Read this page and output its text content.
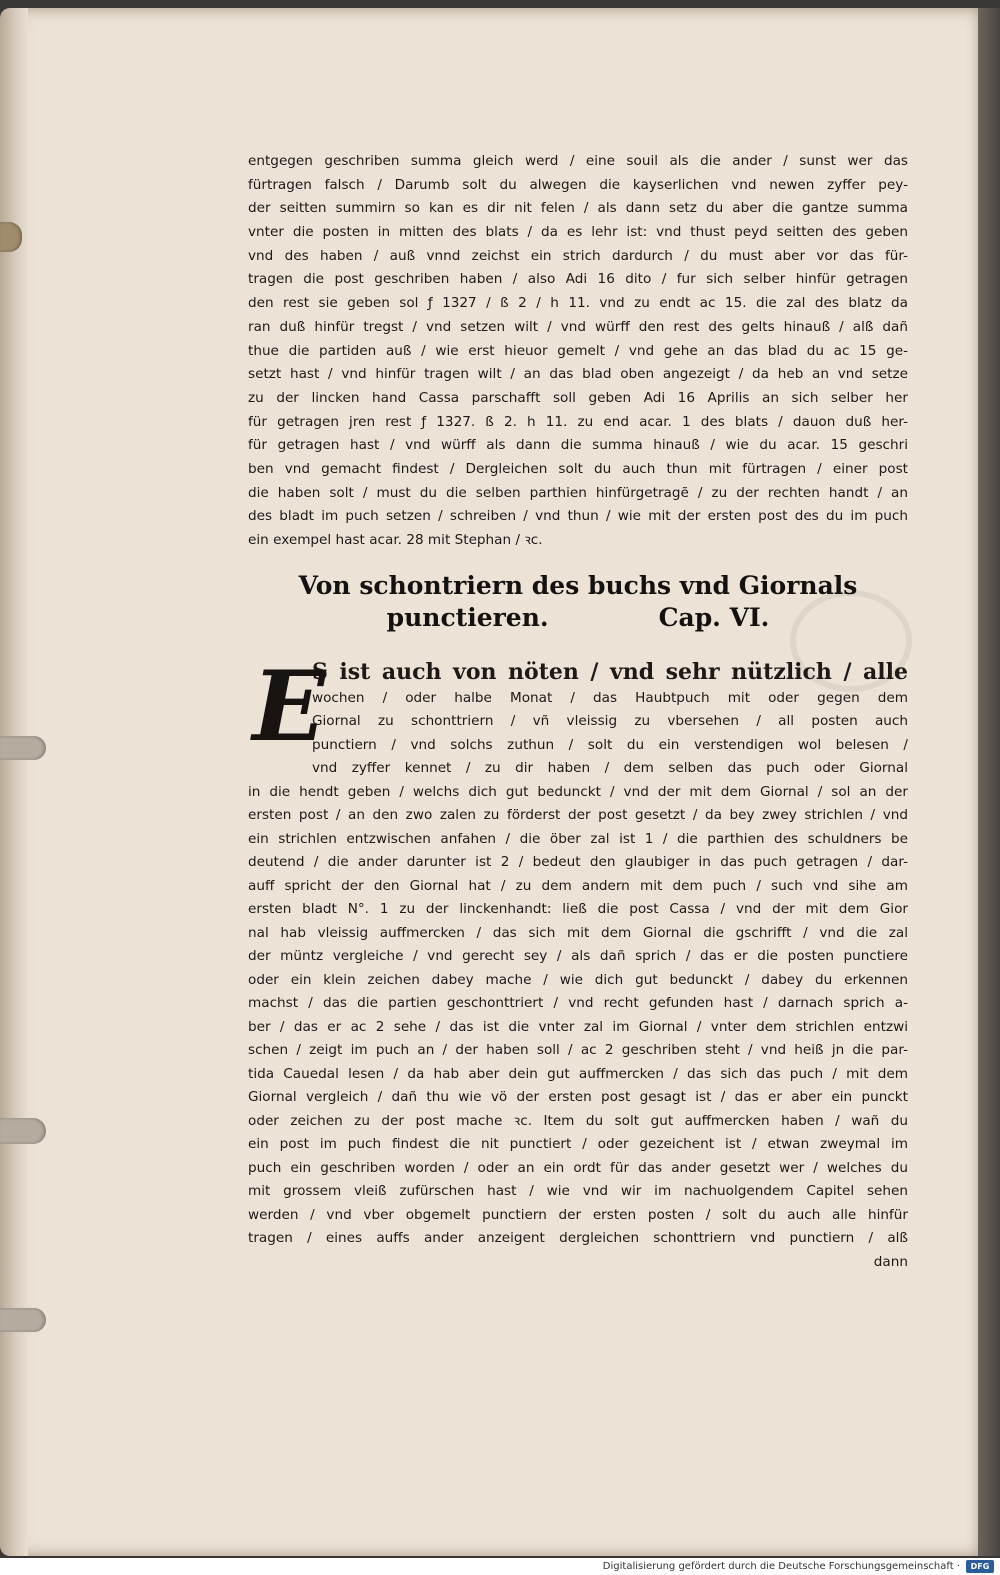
entgegen geschriben summa gleich werd / eine souil als die ander / sunst wer das
fürtragen falsch / Darumb solt du alwegen die kayserlichen vnd newen zyffer pey-
der seitten summirn so kan es dir nit felen / als dann setz du aber die gantze summa
vnter die posten in mitten des blats / da es lehr ist: vnd thust peyd seitten des geben
vnd des haben / auß vnnd zeichst ein strich dardurch / du must aber vor das für-
tragen die post geschriben haben / also Adi 16 dito / fur sich selber hinfür getragen
den rest sie geben sol ƒ 1327 / ß 2 / h 11. vnd zu endt ac 15. die zal des blatz da
ran duß hinfür tregst / vnd setzen wilt / vnd würff den rest des gelts hinauß / alß dañ
thue die partiden auß / wie erst hieuor gemelt / vnd gehe an das blad du ac 15 ge-
setzt hast / vnd hinfür tragen wilt / an das blad oben angezeigt / da heb an vnd setze
zu der lincken hand Cassa parschafft soll geben Adi 16 Aprilis an sich selber her
für getragen jren rest ƒ 1327. ß 2. h 11. zu end acar. 1 des blats / dauon duß her-
für getragen hast / vnd würff als dann die summa hinauß / wie du acar. 15 geschri
ben vnd gemacht findest / Dergleichen solt du auch thun mit fürtragen / einer post
die haben solt / must du die selben parthien hinfürgetragẽ / zu der rechten handt / an
des bladt im puch setzen / schreiben / vnd thun / wie mit der ersten post des du im puch
ein exempel hast acar. 28 mit Stephan / ꝛc.
Von schontriern des buchs vnd Giornals
punctieren.	Cap. VI.
E
S ist auch von nöten / vnd sehr nützlich / alle
wochen / oder halbe Monat / das Haubtpuch mit oder gegen dem
Giornal zu schonttriern / vñ vleissig zu vbersehen / all posten auch
punctiern / vnd solchs zuthun / solt du ein verstendigen wol belesen /
vnd zyffer kennet / zu dir haben / dem selben das puch oder Giornal
in die hendt geben / welchs dich gut bedunckt / vnd der mit dem Giornal / sol an der
ersten post / an den zwo zalen zu förderst der post gesetzt / da bey zwey strichlen / vnd
ein strichlen entzwischen anfahen / die öber zal ist 1 / die parthien des schuldners be
deutend / die ander darunter ist 2 / bedeut den glaubiger in das puch getragen / dar-
auff spricht der den Giornal hat / zu dem andern mit dem puch / such vnd sihe am
ersten bladt N°. 1 zu der linckenhandt: ließ die post Cassa / vnd der mit dem Gior
nal hab vleissig auffmercken / das sich mit dem Giornal die gschrifft / vnd die zal
der müntz vergleiche / vnd gerecht sey / als dañ sprich / das er die posten punctiere
oder ein klein zeichen dabey mache / wie dich gut bedunckt / dabey du erkennen
machst / das die partien geschonttriert / vnd recht gefunden hast / darnach sprich a-
ber / das er ac 2 sehe / das ist die vnter zal im Giornal / vnter dem strichlen entzwi
schen / zeigt im puch an / der haben soll / ac 2 geschriben steht / vnd heiß jn die par-
tida Cauedal lesen / da hab aber dein gut auffmercken / das sich das puch / mit dem
Giornal vergleich / dañ thu wie vö der ersten post gesagt ist / das er aber ein punckt
oder zeichen zu der post mache ꝛc. Item du solt gut auffmercken haben / wañ du
ein post im puch findest die nit punctiert / oder gezeichent ist / etwan zweymal im
puch ein geschriben worden / oder an ein ordt für das ander gesetzt wer / welches du
mit grossem vleiß zufürschen hast / wie vnd wir im nachuolgendem Capitel sehen
werden / vnd vber obgemelt punctiern der ersten posten / solt du auch alle hinfür
tragen / eines auffs ander anzeigent dergleichen schonttriern vnd punctiern / alß
dann
Digitalisierung gefördert durch die Deutsche Forschungsgemeinschaft ·	DFG
